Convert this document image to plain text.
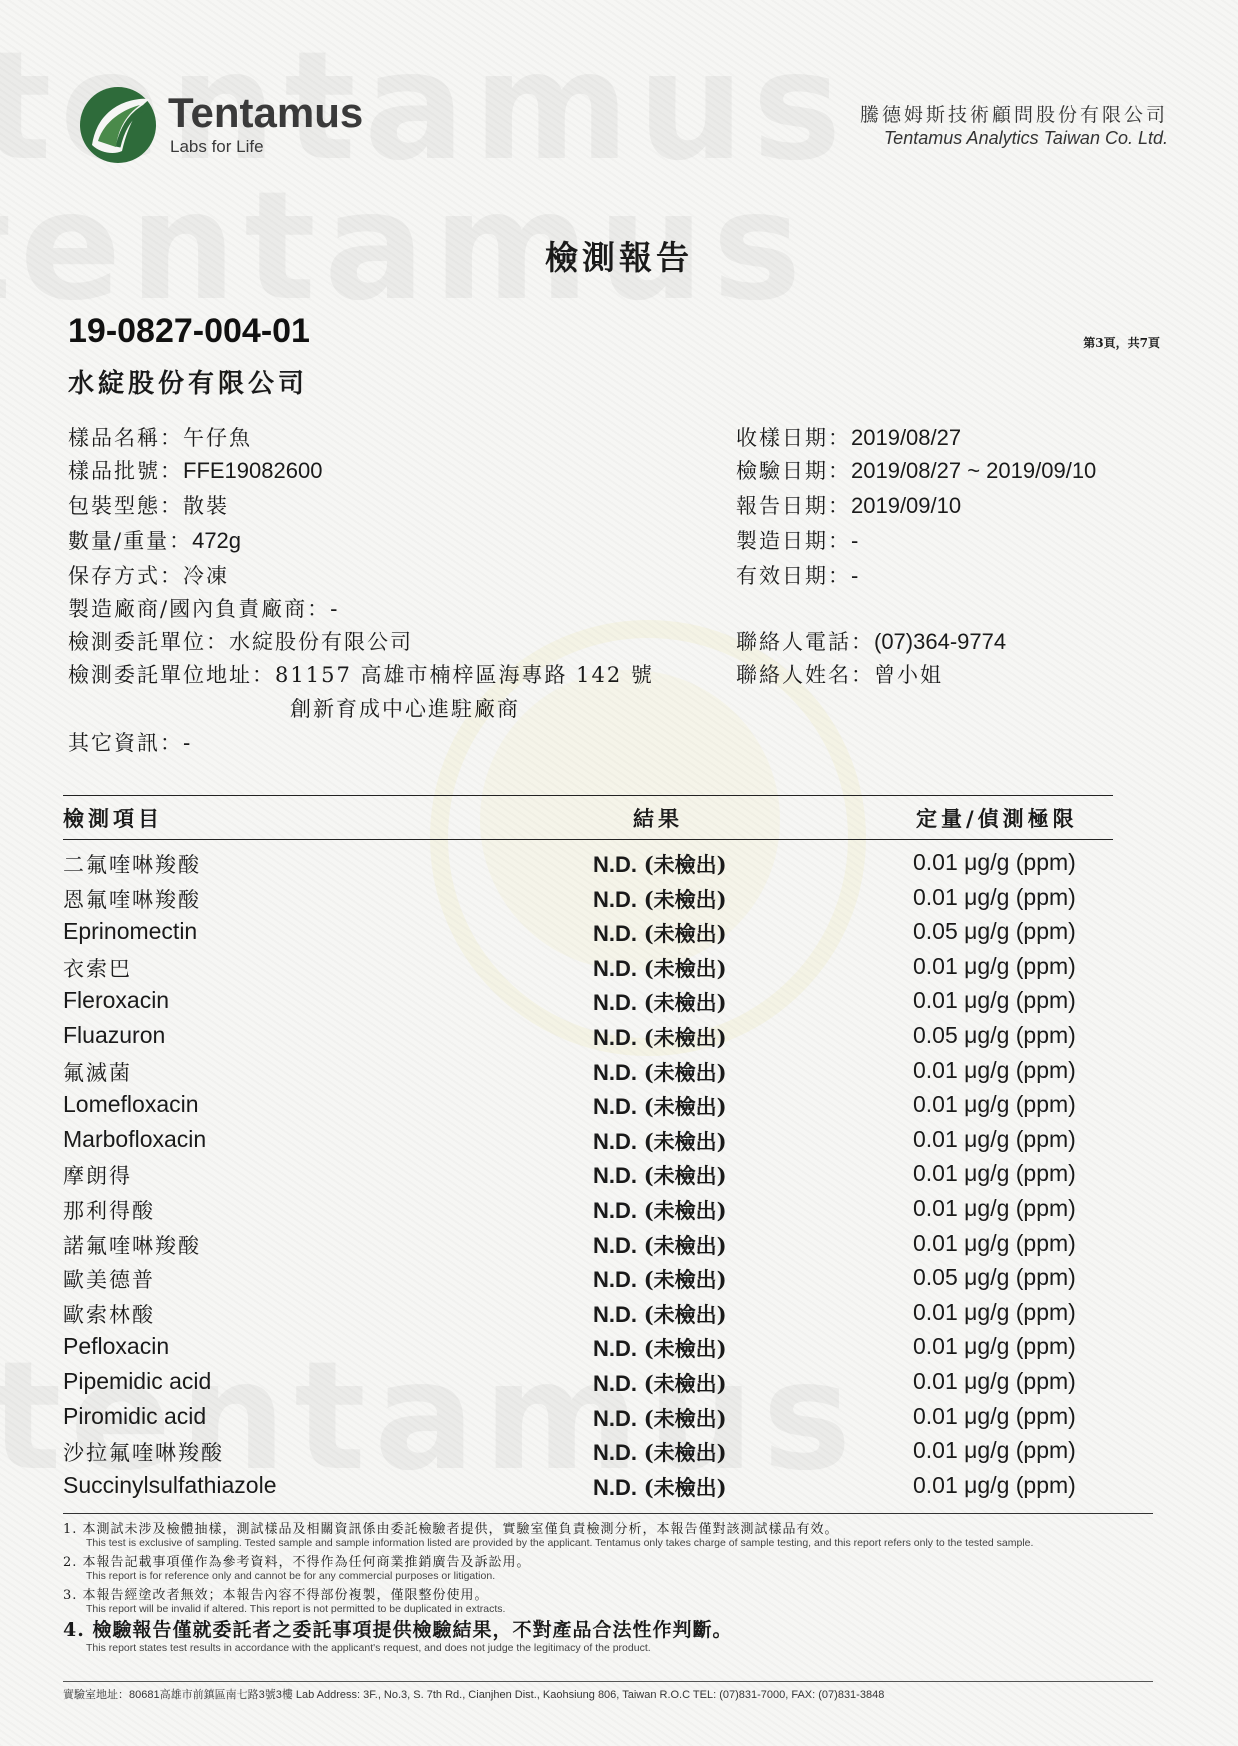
Tentamus
Labs for Life
騰德姆斯技術顧問股份有限公司
Tentamus Analytics Taiwan Co. Ltd.
檢測報告
19-0827-004-01	第3頁，共7頁
水綻股份有限公司
樣品名稱：午仔魚
樣品批號：FFE19082600
包裝型態：散裝
數量/重量：472g
保存方式：冷凍
製造廠商/國內負責廠商：-
檢測委託單位：水綻股份有限公司
檢測委託單位地址：81157 高雄市楠梓區海專路 142 號
創新育成中心進駐廠商
其它資訊：-
收樣日期：2019/08/27
檢驗日期：2019/08/27 ~ 2019/09/10
報告日期：2019/09/10
製造日期：-
有效日期：-
聯絡人電話：(07)364-9774
聯絡人姓名：曾小姐
檢測項目	結果	定量/偵測極限
二氟喹啉羧酸	N.D. (未檢出)	0.01 μg/g (ppm)
恩氟喹啉羧酸	N.D. (未檢出)	0.01 μg/g (ppm)
Eprinomectin	N.D. (未檢出)	0.05 μg/g (ppm)
衣索巴	N.D. (未檢出)	0.01 μg/g (ppm)
Fleroxacin	N.D. (未檢出)	0.01 μg/g (ppm)
Fluazuron	N.D. (未檢出)	0.05 μg/g (ppm)
氟滅菌	N.D. (未檢出)	0.01 μg/g (ppm)
Lomefloxacin	N.D. (未檢出)	0.01 μg/g (ppm)
Marbofloxacin	N.D. (未檢出)	0.01 μg/g (ppm)
摩朗得	N.D. (未檢出)	0.01 μg/g (ppm)
那利得酸	N.D. (未檢出)	0.01 μg/g (ppm)
諾氟喹啉羧酸	N.D. (未檢出)	0.01 μg/g (ppm)
歐美德普	N.D. (未檢出)	0.05 μg/g (ppm)
歐索林酸	N.D. (未檢出)	0.01 μg/g (ppm)
Pefloxacin	N.D. (未檢出)	0.01 μg/g (ppm)
Pipemidic acid	N.D. (未檢出)	0.01 μg/g (ppm)
Piromidic acid	N.D. (未檢出)	0.01 μg/g (ppm)
沙拉氟喹啉羧酸	N.D. (未檢出)	0.01 μg/g (ppm)
Succinylsulfathiazole	N.D. (未檢出)	0.01 μg/g (ppm)
1. 本測試未涉及檢體抽樣，測試樣品及相關資訊係由委託檢驗者提供，實驗室僅負責檢測分析，本報告僅對該測試樣品有效。
This test is exclusive of sampling. Tested sample and sample information listed are provided by the applicant. Tentamus only takes charge of sample testing, and this report refers only to the tested sample.
2. 本報告記載事項僅作為參考資料，不得作為任何商業推銷廣告及訴訟用。
This report is for reference only and cannot be for any commercial purposes or litigation.
3. 本報告經塗改者無效；本報告內容不得部份複製，僅限整份使用。
This report will be invalid if altered. This report is not permitted to be duplicated in extracts.
4. 檢驗報告僅就委託者之委託事項提供檢驗結果，不對產品合法性作判斷。
This report states test results in accordance with the applicant's request, and does not judge the legitimacy of the product.
實驗室地址：80681高雄市前鎮區南七路3號3樓 Lab Address: 3F., No.3, S. 7th Rd., Cianjhen Dist., Kaohsiung 806, Taiwan R.O.C TEL: (07)831-7000, FAX: (07)831-3848
